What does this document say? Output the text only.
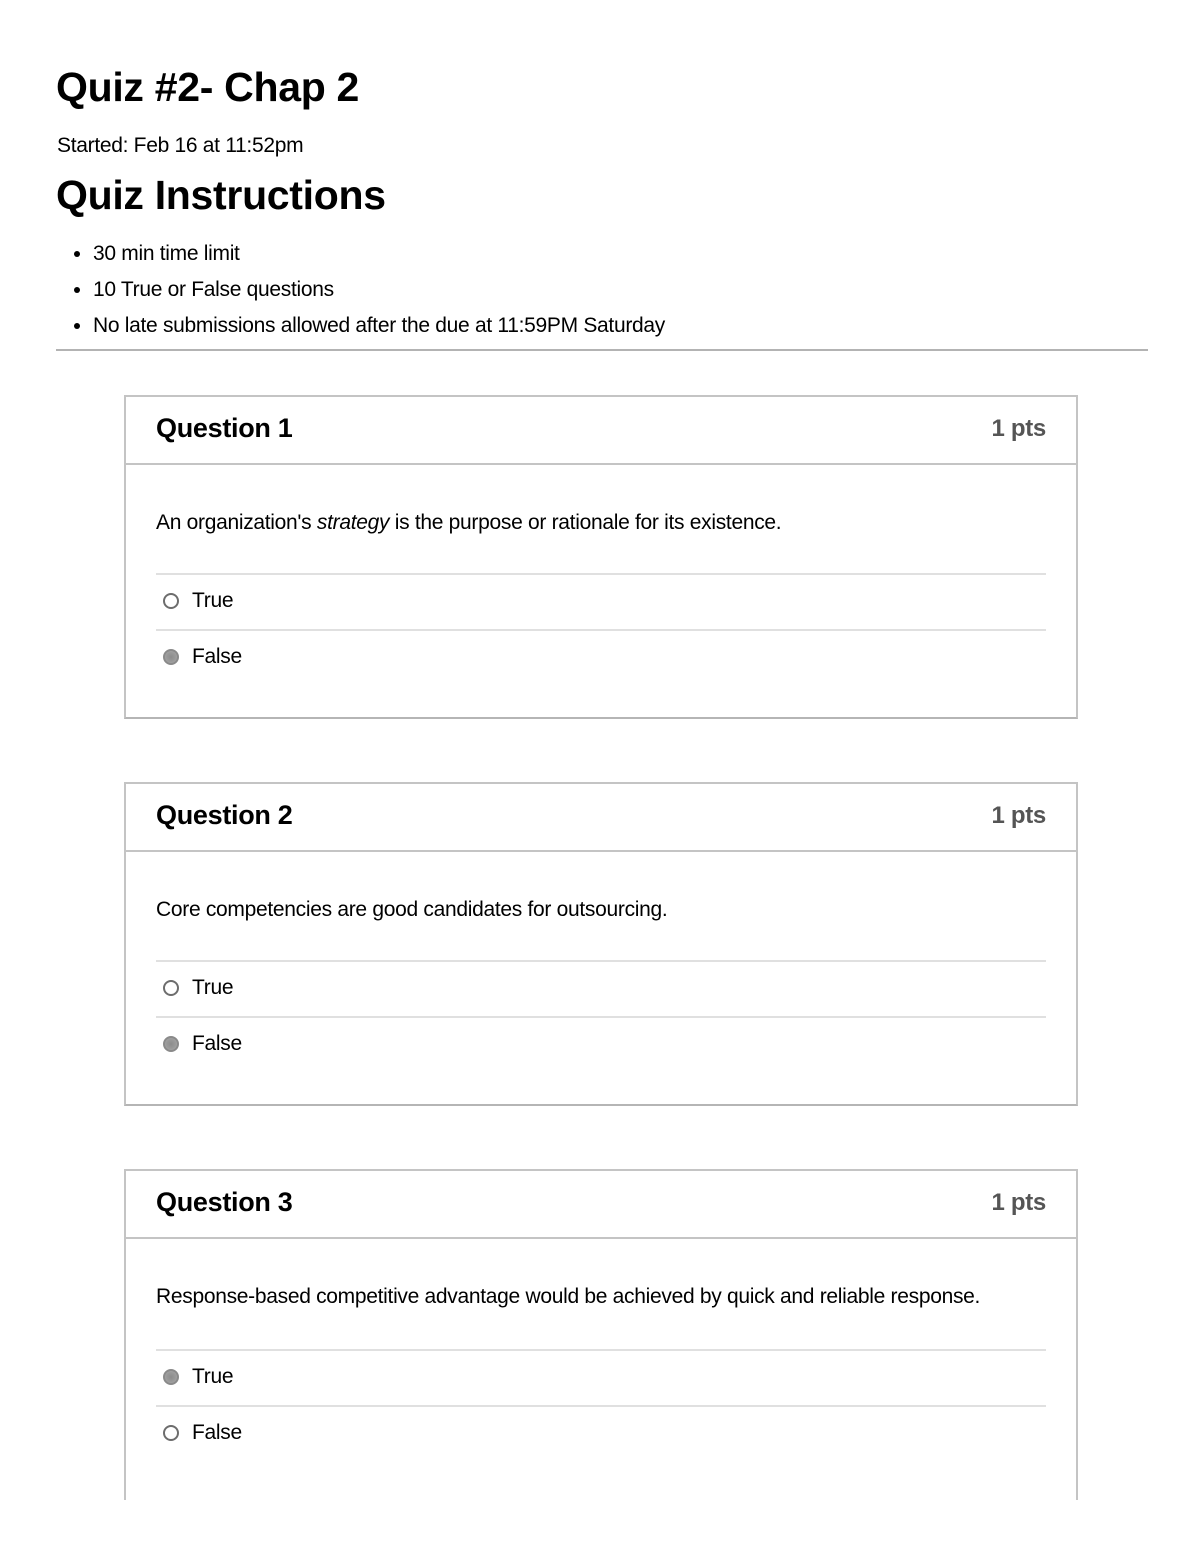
Quiz #2- Chap 2
Started: Feb 16 at 11:52pm
Quiz Instructions
• 30 min time limit
• 10 True or False questions
• No late submissions allowed after the due at 11:59PM Saturday
Question 1	1 pts
An organization's strategy is the purpose or rationale for its existence.
True
False
Question 2	1 pts
Core competencies are good candidates for outsourcing.
True
False
Question 3	1 pts
Response-based competitive advantage would be achieved by quick and reliable response.
True
False
